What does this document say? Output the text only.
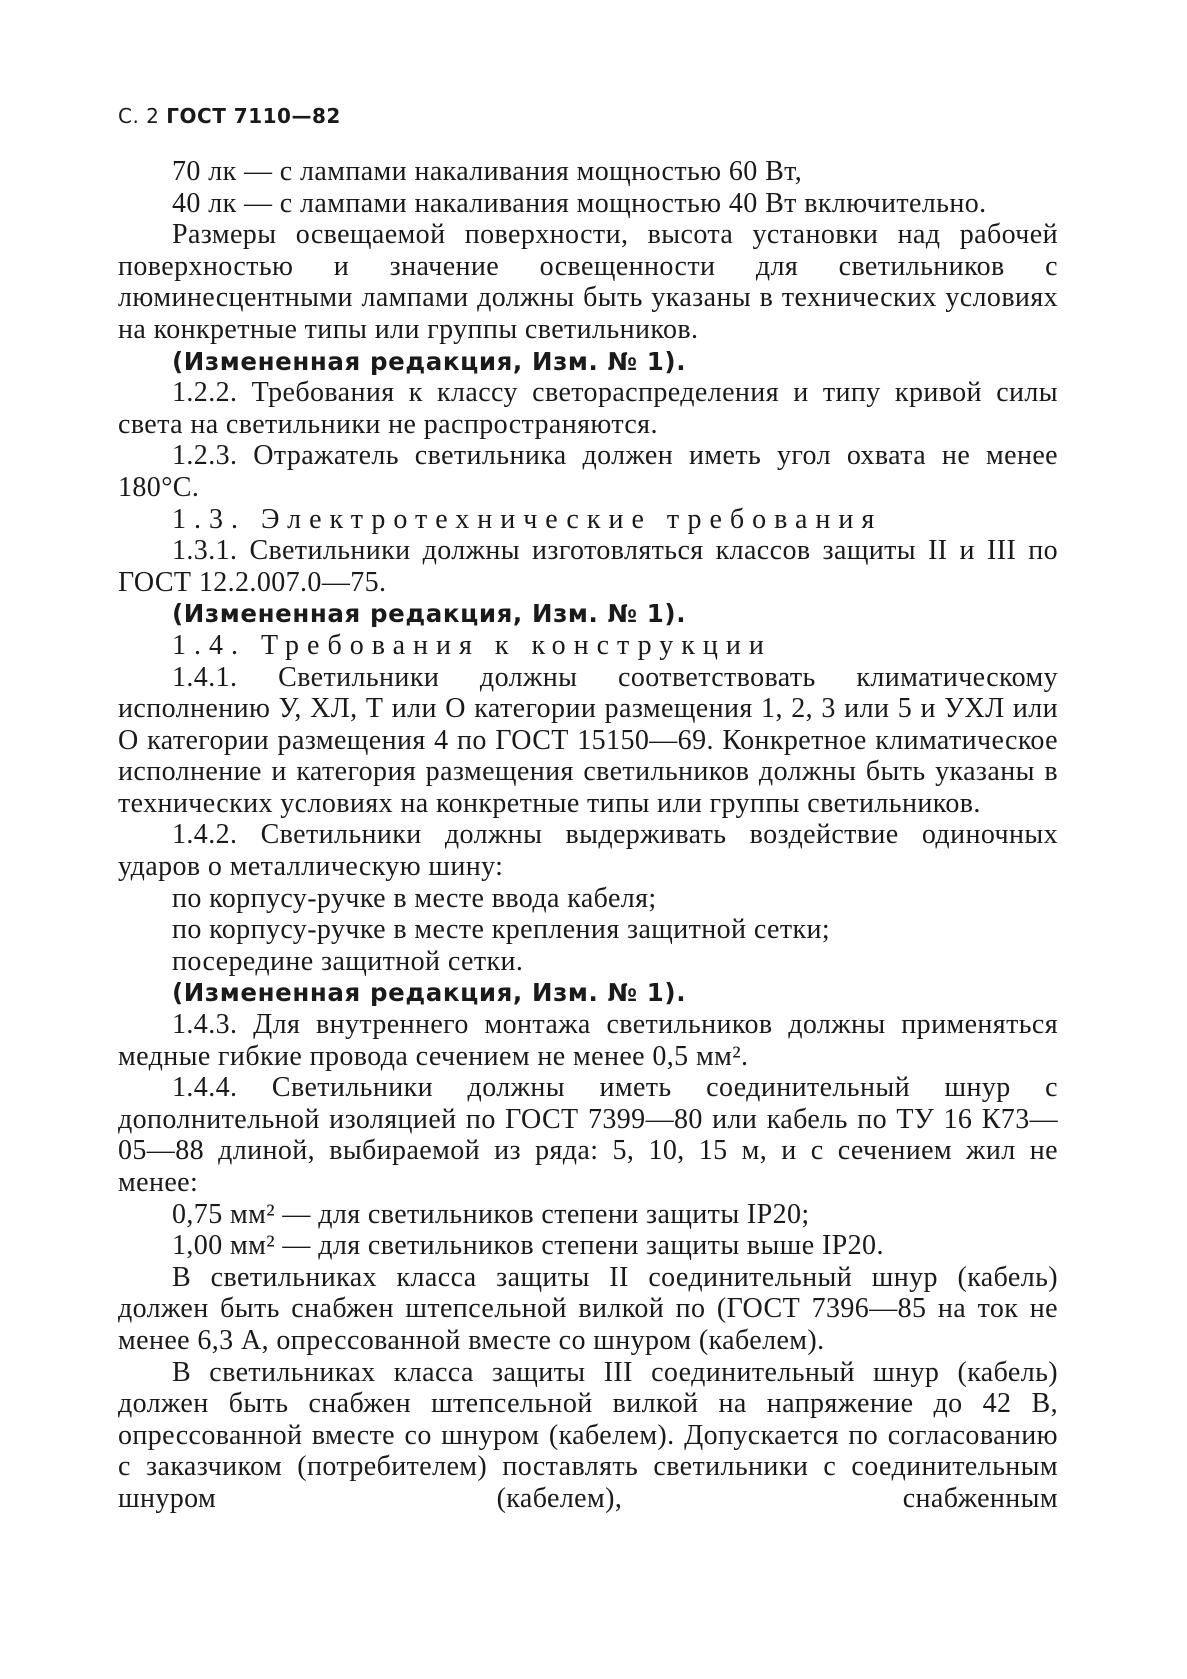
С. 2 ГОСТ 7110—82

70 лк — с лампами накаливания мощностью 60 Вт,

40 лк — с лампами накаливания мощностью 40 Вт включительно.

Размеры освещаемой поверхности, высота установки над рабочей поверхностью и значение освещенности для светильников с люминесцентными лампами должны быть указаны в технических условиях на конкретные типы или группы светильников.

(Измененная редакция, Изм. № 1).

1.2.2. Требования к классу светораспределения и типу кривой силы света на светильники не распространяются.

1.2.3. Отражатель светильника должен иметь угол охвата не менее 180°С.

1.3. Электротехнические требования

1.3.1. Светильники должны изготовляться классов защиты II и III по ГОСТ 12.2.007.0—75.

(Измененная редакция, Изм. № 1).

1.4. Требования к конструкции

1.4.1. Светильники должны соответствовать климатическому исполнению У, ХЛ, Т или О категории размещения 1, 2, 3 или 5 и УХЛ или О категории размещения 4 по ГОСТ 15150—69. Конкретное климатическое исполнение и категория размещения светильников должны быть указаны в технических условиях на конкретные типы или группы светильников.

1.4.2. Светильники должны выдерживать воздействие одиночных ударов о металлическую шину:

по корпусу-ручке в месте ввода кабеля;

по корпусу-ручке в месте крепления защитной сетки;

посередине защитной сетки.

(Измененная редакция, Изм. № 1).

1.4.3. Для внутреннего монтажа светильников должны применяться медные гибкие провода сечением не менее 0,5 мм².

1.4.4. Светильники должны иметь соединительный шнур с дополнительной изоляцией по ГОСТ 7399—80 или кабель по ТУ 16 К73—05—88 длиной, выбираемой из ряда: 5, 10, 15 м, и с сечением жил не менее:

0,75 мм² — для светильников степени защиты IP20;

1,00 мм² — для светильников степени защиты выше IP20.

В светильниках класса защиты II соединительный шнур (кабель) должен быть снабжен штепсельной вилкой по (ГОСТ 7396—85 на ток не менее 6,3 А, опрессованной вместе со шнуром (кабелем).

В светильниках класса защиты III соединительный шнур (кабель) должен быть снабжен штепсельной вилкой на напряжение до 42 В, опрессованной вместе со шнуром (кабелем). Допускается по согласованию с заказчиком (потребителем) поставлять светильники с соединительным шнуром (кабелем), снабженным
